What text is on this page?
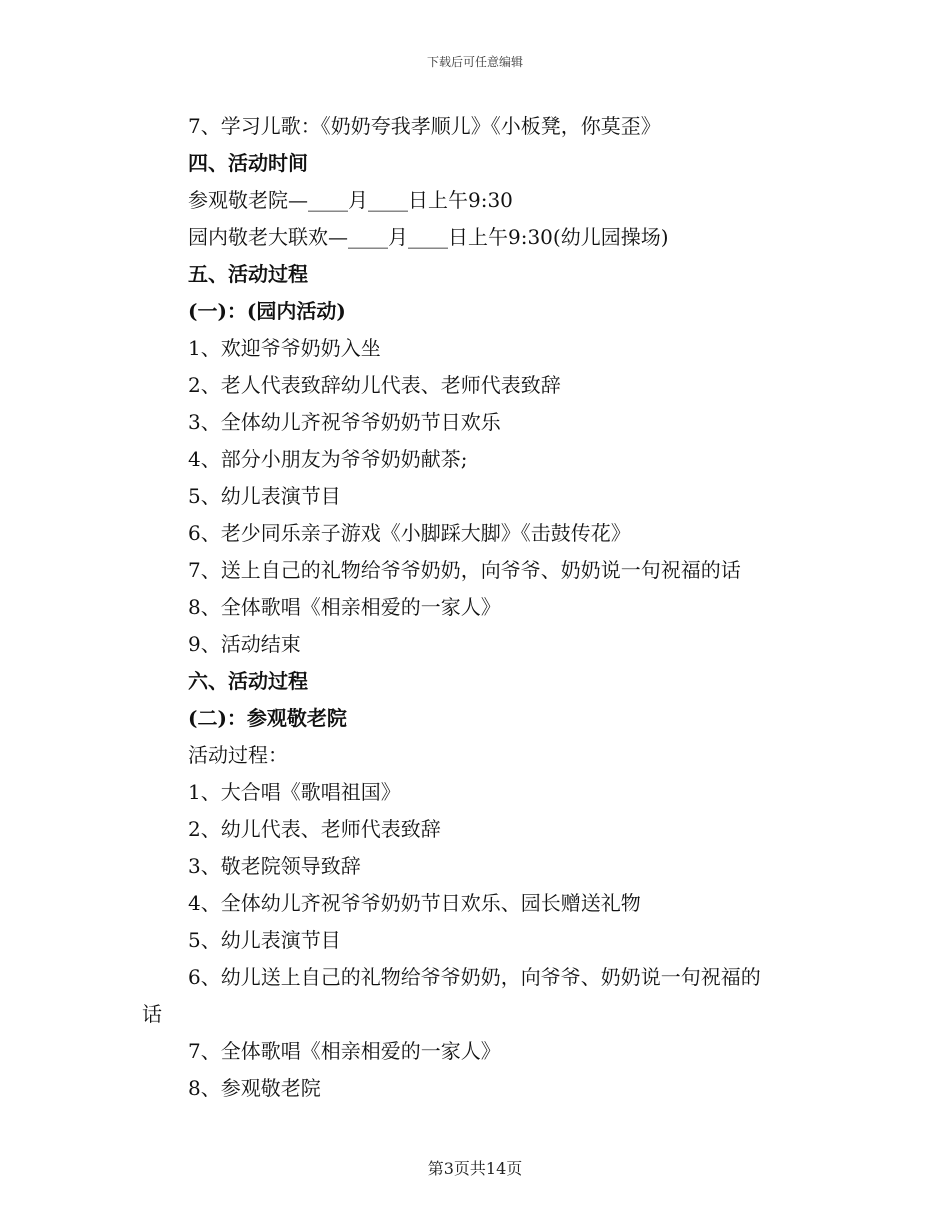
下载后可任意编辑
7、学习儿歌：《奶奶夸我孝顺儿》《小板凳，你莫歪》
四、活动时间
参观敬老院—____月____日上午9:30
园内敬老大联欢—____月____日上午9:30(幼儿园操场)
五、活动过程
(一)：(园内活动)
1、欢迎爷爷奶奶入坐
2、老人代表致辞幼儿代表、老师代表致辞
3、全体幼儿齐祝爷爷奶奶节日欢乐
4、部分小朋友为爷爷奶奶献茶;
5、幼儿表演节目
6、老少同乐亲子游戏《小脚踩大脚》《击鼓传花》
7、送上自己的礼物给爷爷奶奶，向爷爷、奶奶说一句祝福的话
8、全体歌唱《相亲相爱的一家人》
9、活动结束
六、活动过程
(二)：参观敬老院
活动过程：
1、大合唱《歌唱祖国》
2、幼儿代表、老师代表致辞
3、敬老院领导致辞
4、全体幼儿齐祝爷爷奶奶节日欢乐、园长赠送礼物
5、幼儿表演节目
6、幼儿送上自己的礼物给爷爷奶奶，向爷爷、奶奶说一句祝福的
话
7、全体歌唱《相亲相爱的一家人》
8、参观敬老院
第3页共14页
